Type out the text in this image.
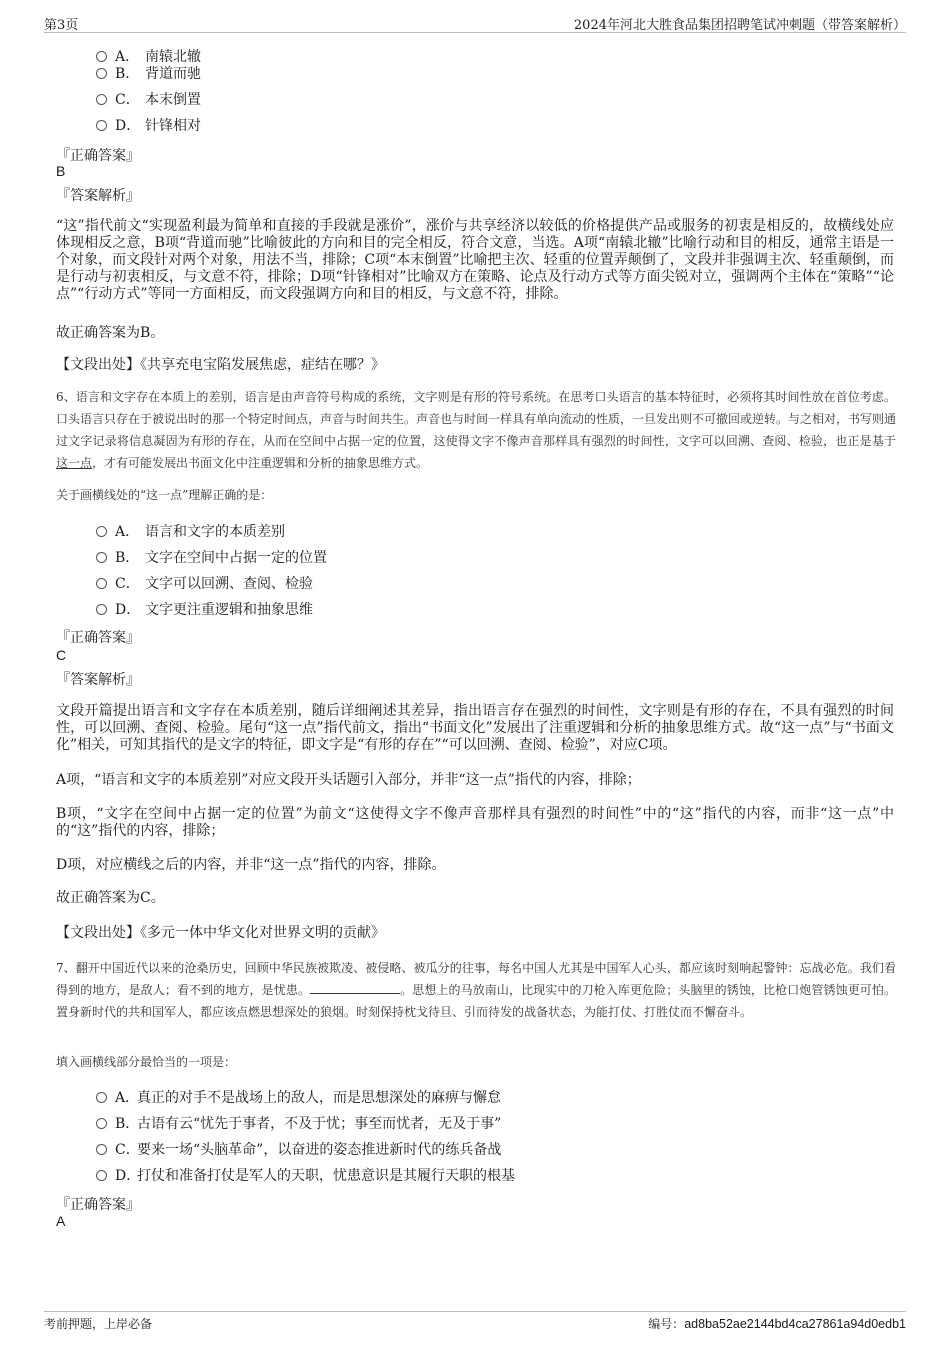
第3页	2024年河北大胜食品集团招聘笔试冲刺题（带答案解析）
A． 南辕北辙
B． 背道而驰
C． 本末倒置
D． 针锋相对
『正确答案』
B
『答案解析』
“这”指代前文“实现盈利最为简单和直接的手段就是涨价”，涨价与共享经济以较低的价格提供产品或服务的初衷是相反的，故横线处应体现相反之意，B项“背道而驰”比喻彼此的方向和目的完全相反，符合文意，当选。A项“南辕北辙”比喻行动和目的相反，通常主语是一个对象，而文段针对两个对象，用法不当，排除；C项“本末倒置”比喻把主次、轻重的位置弄颠倒了，文段并非强调主次、轻重颠倒，而是行动与初衷相反，与文意不符，排除；D项“针锋相对”比喻双方在策略、论点及行动方式等方面尖锐对立，强调两个主体在“策略”“论点”“行动方式”等同一方面相反，而文段强调方向和目的相反，与文意不符，排除。
故正确答案为B。
【文段出处】《共享充电宝陷发展焦虑，症结在哪？》
6、语言和文字存在本质上的差别，语言是由声音符号构成的系统，文字则是有形的符号系统。在思考口头语言的基本特征时，必须将其时间性放在首位考虑。口头语言只存在于被说出时的那一个特定时间点，声音与时间共生。声音也与时间一样具有单向流动的性质，一旦发出则不可撤回或逆转。与之相对，书写则通过文字记录将信息凝固为有形的存在，从而在空间中占据一定的位置，这使得文字不像声音那样具有强烈的时间性，文字可以回溯、查阅、检验，也正是基于这一点，才有可能发展出书面文化中注重逻辑和分析的抽象思维方式。
关于画横线处的“这一点”理解正确的是：
A． 语言和文字的本质差别
B． 文字在空间中占据一定的位置
C． 文字可以回溯、查阅、检验
D． 文字更注重逻辑和抽象思维
『正确答案』
C
『答案解析』
文段开篇提出语言和文字存在本质差别，随后详细阐述其差异，指出语言存在强烈的时间性，文字则是有形的存在，不具有强烈的时间性，可以回溯、查阅、检验。尾句“这一点”指代前文，指出“书面文化”发展出了注重逻辑和分析的抽象思维方式。故“这一点”与“书面文化”相关，可知其指代的是文字的特征，即文字是“有形的存在”“可以回溯、查阅、检验”，对应C项。
A项，“语言和文字的本质差别”对应文段开头话题引入部分，并非“这一点”指代的内容，排除；
B项，“文字在空间中占据一定的位置”为前文“这使得文字不像声音那样具有强烈的时间性”中的“这”指代的内容，而非“这一点”中的“这”指代的内容，排除；
D项，对应横线之后的内容，并非“这一点”指代的内容，排除。
故正确答案为C。
【文段出处】《多元一体中华文化对世界文明的贡献》
7、翻开中国近代以来的沧桑历史，回顾中华民族被欺凌、被侵略、被瓜分的往事，每名中国人尤其是中国军人心头，都应该时刻响起警钟：忘战必危。我们看得到的地方，是敌人；看不到的地方，是忧患。	。思想上的马放南山，比现实中的刀枪入库更危险；头脑里的锈蚀，比枪口炮管锈蚀更可怕。置身新时代的共和国军人，都应该点燃思想深处的狼烟。时刻保持枕戈待旦、引而待发的战备状态，为能打仗、打胜仗而不懈奋斗。
填入画横线部分最恰当的一项是：
A．真正的对手不是战场上的敌人，而是思想深处的麻痹与懈怠
B．古语有云“忧先于事者，不及于忧；事至而忧者，无及于事”
C．要来一场“头脑革命”，以奋进的姿态推进新时代的练兵备战
D．打仗和准备打仗是军人的天职，忧患意识是其履行天职的根基
『正确答案』
A
考前押题，上岸必备	编号：ad8ba52ae2144bd4ca27861a94d0edb1
